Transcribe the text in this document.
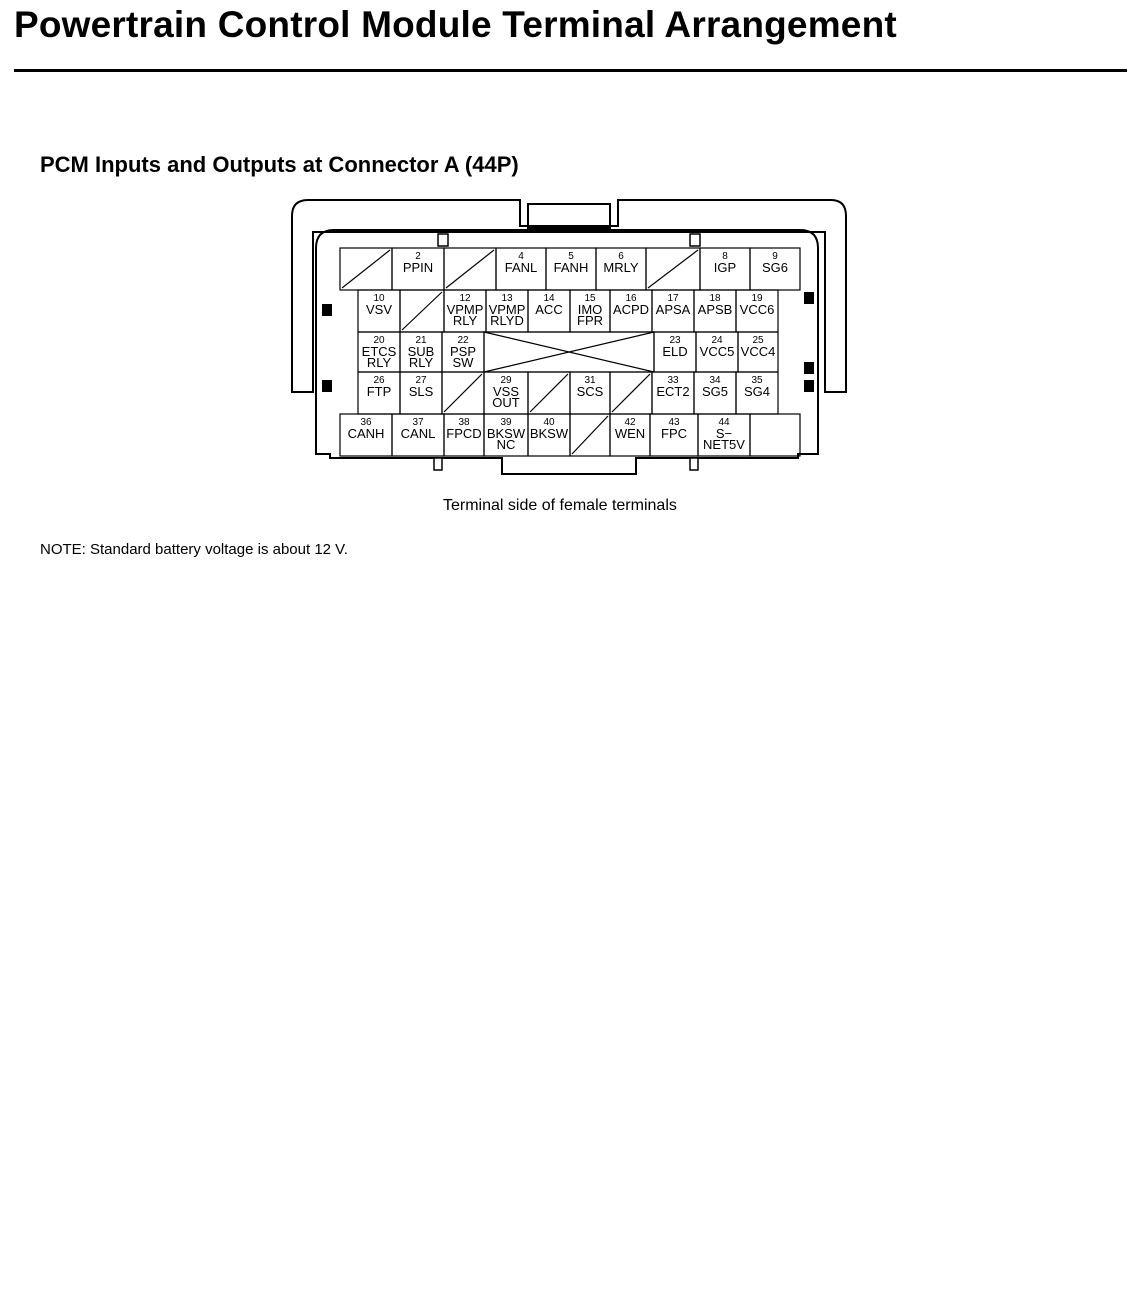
Powertrain Control Module Terminal Arrangement
PCM Inputs and Outputs at Connector A (44P)
2
PPIN
4
FANL
5
FANH
6
MRLY
8
IGP
9
SG6
10
VSV
12
VPMP
RLY
13
VPMP
RLYD
14
ACC
15
IMO
FPR
16
ACPD
17
APSA
18
APSB
19
VCC6
20
ETCS
RLY
21
SUB
RLY
22
PSP
SW
23
ELD
24
VCC5
25
VCC4
26
FTP
27
SLS
29
VSS
OUT
31
SCS
33
ECT2
34
SG5
35
SG4
36
CANH
37
CANL
38
FPCD
39
BKSW
NC
40
BKSW
42
WEN
43
FPC
44
S−
NET5V
Terminal side of female terminals
NOTE: Standard battery voltage is about 12 V.
